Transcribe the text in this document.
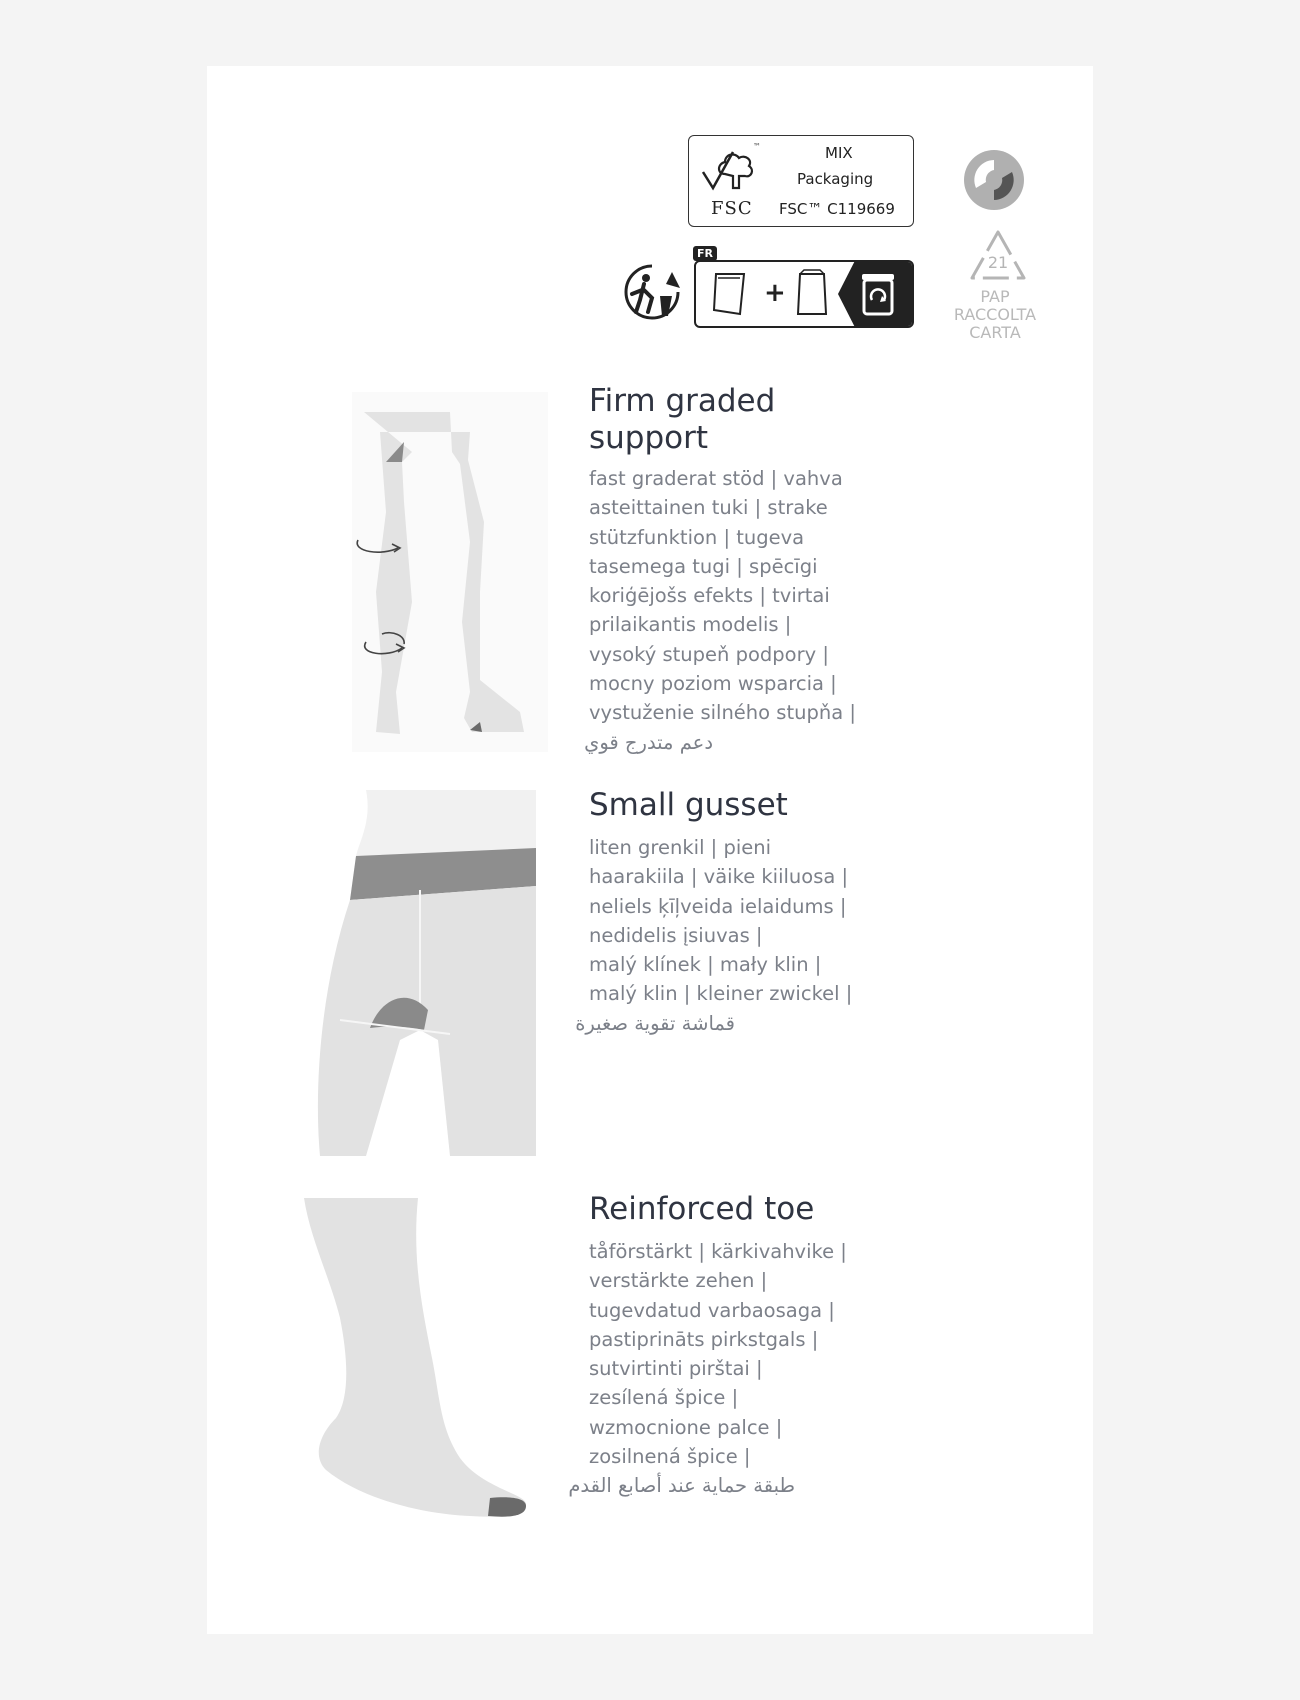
™
FSC
MIX
Packaging
FSC™ C119669
FR
+
21
PAP
RACCOLTA
CARTA
Firm graded support
fast graderat stöd | vahva
asteittainen tuki | strake
stützfunktion | tugeva
tasemega tugi | spēcīgi
koriģējošs efekts | tvirtai
prilaikantis modelis |
vysoký stupeň podpory |
mocny poziom wsparcia |
vystuženie silného stupňa |
دعم متدرج قوي
Small gusset
liten grenkil | pieni
haarakiila | väike kiiluosa |
neliels ķīļveida ielaidums |
nedidelis įsiuvas |
malý klínek | mały klin |
malý klin | kleiner zwickel |
قماشة تقوية صغيرة
Reinforced toe
tåförstärkt | kärkivahvike |
verstärkte zehen |
tugevdatud varbaosaga |
pastiprināts pirkstgals |
sutvirtinti pirštai |
zesílená špice |
wzmocnione palce |
zosilnená špice |
طبقة حماية عند أصابع القدم
